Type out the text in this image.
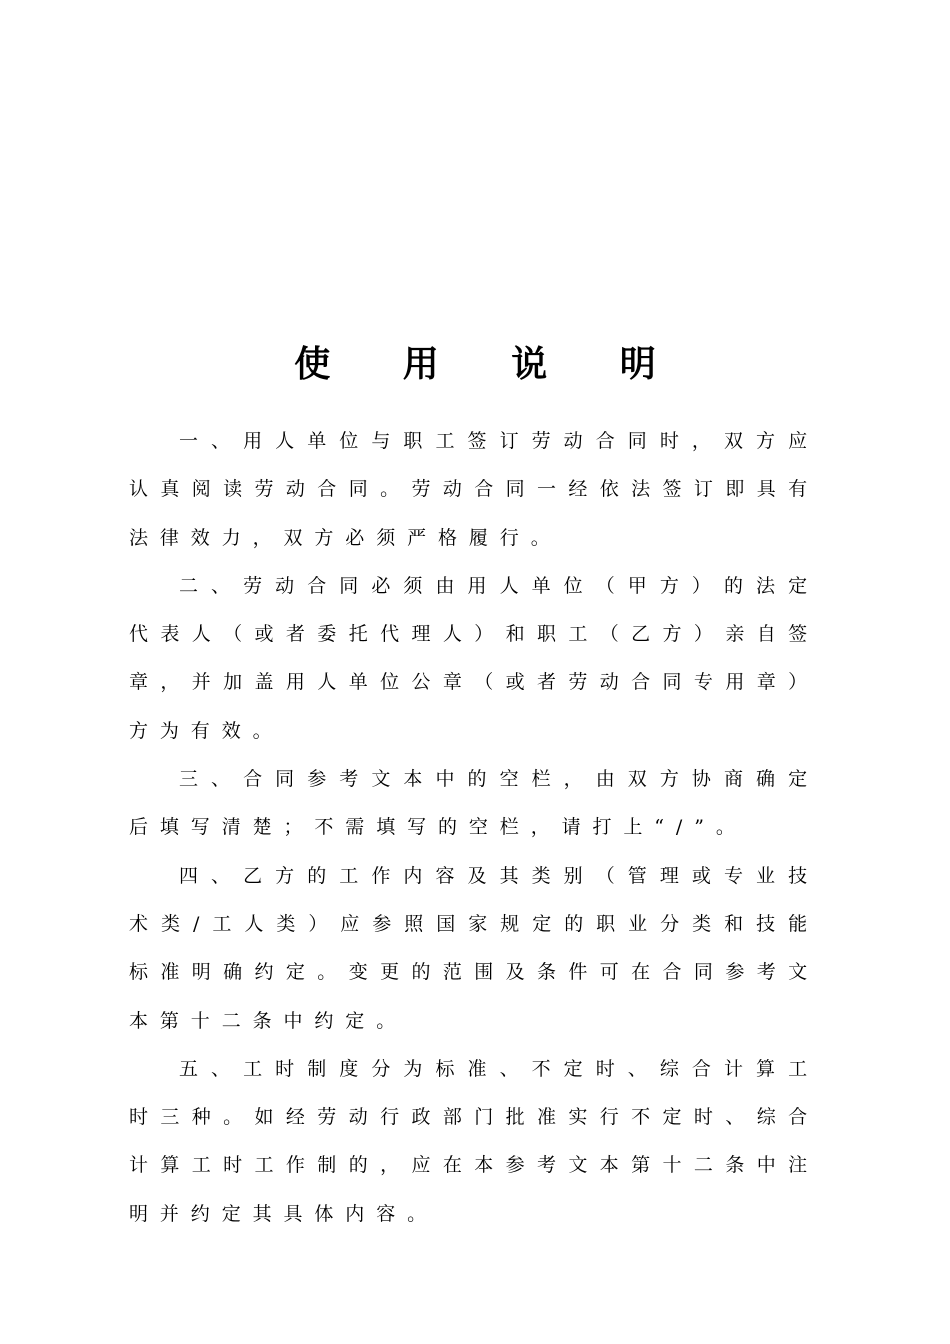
使 用 说 明

一、用人单位与职工签订劳动合同时，双方应认真阅读劳动合同。劳动合同一经依法签订即具有法律效力，双方必须严格履行。

二、劳动合同必须由用人单位（甲方）的法定代表人（或者委托代理人）和职工（乙方）亲自签章，并加盖用人单位公章（或者劳动合同专用章）方为有效。

三、合同参考文本中的空栏，由双方协商确定后填写清楚；不需填写的空栏，请打上“/”。

四、乙方的工作内容及其类别（管理或专业技术类/工人类）应参照国家规定的职业分类和技能标准明确约定。变更的范围及条件可在合同参考文本第十二条中约定。

五、工时制度分为标准、不定时、综合计算工时三种。如经劳动行政部门批准实行不定时、综合计算工时工作制的，应在本参考文本第十二条中注明并约定其具体内容。
